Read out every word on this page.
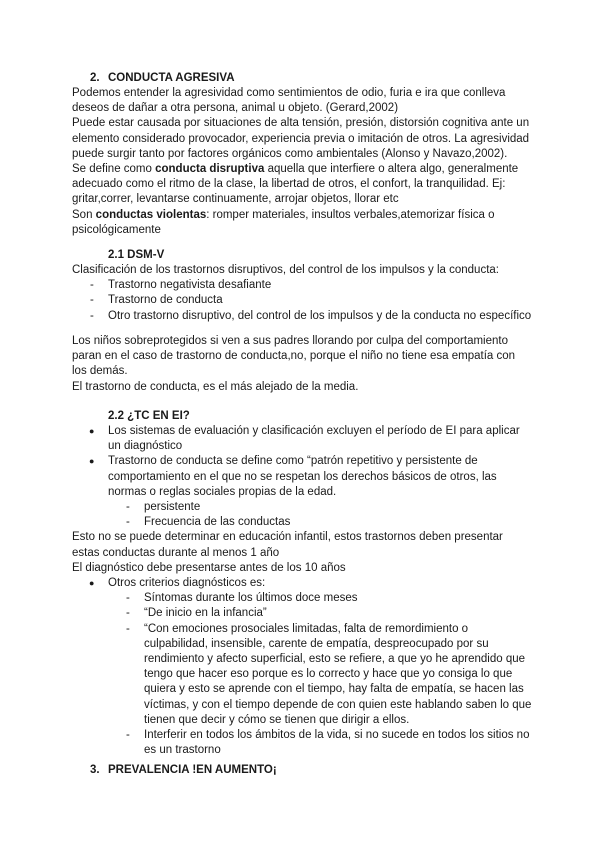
2. CONDUCTA AGRESIVA
Podemos entender la agresividad como sentimientos de odio, furia e ira que conlleva deseos de dañar a otra persona, animal u objeto. (Gerard,2002)
Puede estar causada por situaciones de alta tensión, presión, distorsión cognitiva ante un elemento considerado provocador, experiencia previa o imitación de otros. La agresividad puede surgir tanto por factores orgánicos como ambientales (Alonso y Navazo,2002).
Se define como conducta disruptiva aquella que interfiere o altera algo, generalmente adecuado como el ritmo de la clase, la libertad de otros, el confort, la tranquilidad. Ej: gritar,correr, levantarse continuamente, arrojar objetos, llorar etc
Son conductas violentas: romper materiales, insultos verbales,atemorizar física o psicológicamente
2.1 DSM-V
Clasificación de los trastornos disruptivos, del control de los impulsos y la conducta:
- Trastorno negativista desafiante
- Trastorno de conducta
- Otro trastorno disruptivo, del control de los impulsos y de la conducta no específico
Los niños sobreprotegidos si ven a sus padres llorando por culpa del comportamiento paran en el caso de trastorno de conducta,no, porque el niño no tiene esa empatía con los demás.
El trastorno de conducta, es el más alejado de la media.
2.2 ¿TC EN EI?
● Los sistemas de evaluación y clasificación excluyen el período de EI para aplicar un diagnóstico
● Trastorno de conducta se define como “patrón repetitivo y persistente de comportamiento en el que no se respetan los derechos básicos de otros, las normas o reglas sociales propias de la edad.
- persistente
- Frecuencia de las conductas
Esto no se puede determinar en educación infantil, estos trastornos deben presentar estas conductas durante al menos 1 año
El diagnóstico debe presentarse antes de los 10 años
● Otros criterios diagnósticos es:
- Síntomas durante los últimos doce meses
- “De inicio en la infancia”
- “Con emociones prosociales limitadas, falta de remordimiento o culpabilidad, insensible, carente de empatía, despreocupado por su rendimiento y afecto superficial, esto se refiere, a que yo he aprendido que tengo que hacer eso porque es lo correcto y hace que yo consiga lo que quiera y esto se aprende con el tiempo, hay falta de empatía, se hacen las víctimas, y con el tiempo depende de con quien este hablando saben lo que tienen que decir y cómo se tienen que dirigir a ellos.
- Interferir en todos los ámbitos de la vida, si no sucede en todos los sitios no es un trastorno
3. PREVALENCIA !EN AUMENTO¡
